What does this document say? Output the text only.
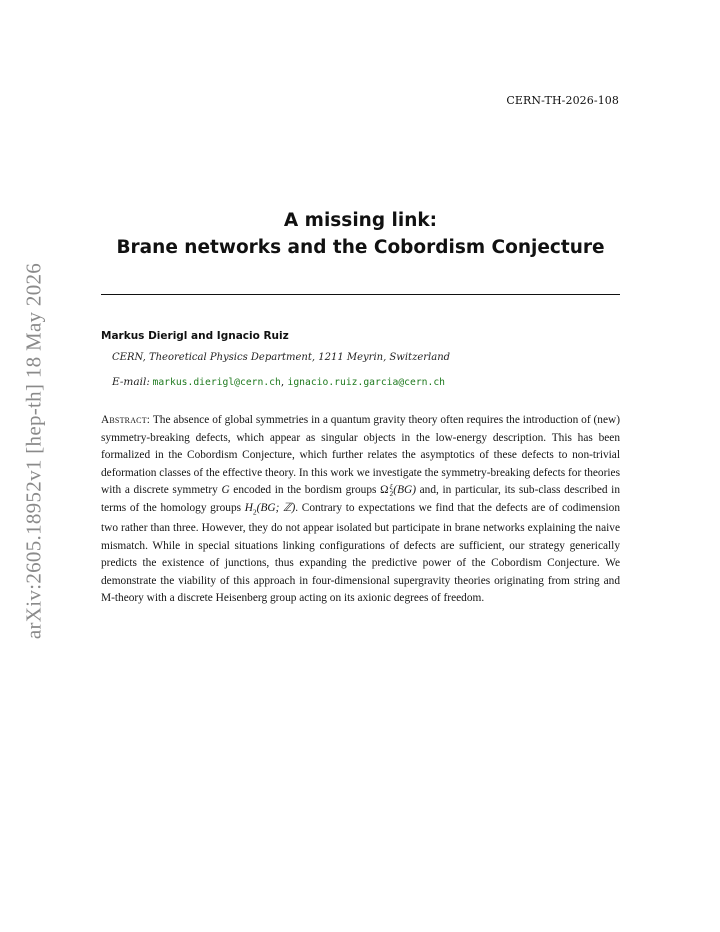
CERN-TH-2026-108
arXiv:2605.18952v1 [hep-th] 18 May 2026
A missing link:
Brane networks and the Cobordism Conjecture
Markus Dierigl and Ignacio Ruiz
CERN, Theoretical Physics Department, 1211 Meyrin, Switzerland
E-mail: markus.dierigl@cern.ch, ignacio.ruiz.garcia@cern.ch
Abstract: The absence of global symmetries in a quantum gravity theory often requires the introduction of (new) symmetry-breaking defects, which appear as singular objects in the low-energy description. This has been formalized in the Cobordism Conjecture, which further relates the asymptotics of these defects to non-trivial deformation classes of the effective theory. In this work we investigate the symmetry-breaking defects for theories with a discrete symmetry G encoded in the bordism groups Ω ξ
2 (BG) and, in particular, its sub-class described in terms of the homology groups $H_2(BG$; ℤ). Contrary to expectations we find that the defects are of codimension two rather than three. However, they do not appear isolated but participate in brane networks explaining the naive mismatch. While in special situations linking configurations of defects are sufficient, our strategy generically predicts the existence of junctions, thus expanding the predictive power of the Cobordism Conjecture. We demonstrate the viability of this approach in four-dimensional supergravity theories originating from string and M-theory with a discrete Heisenberg group acting on its axionic degrees of freedom.
